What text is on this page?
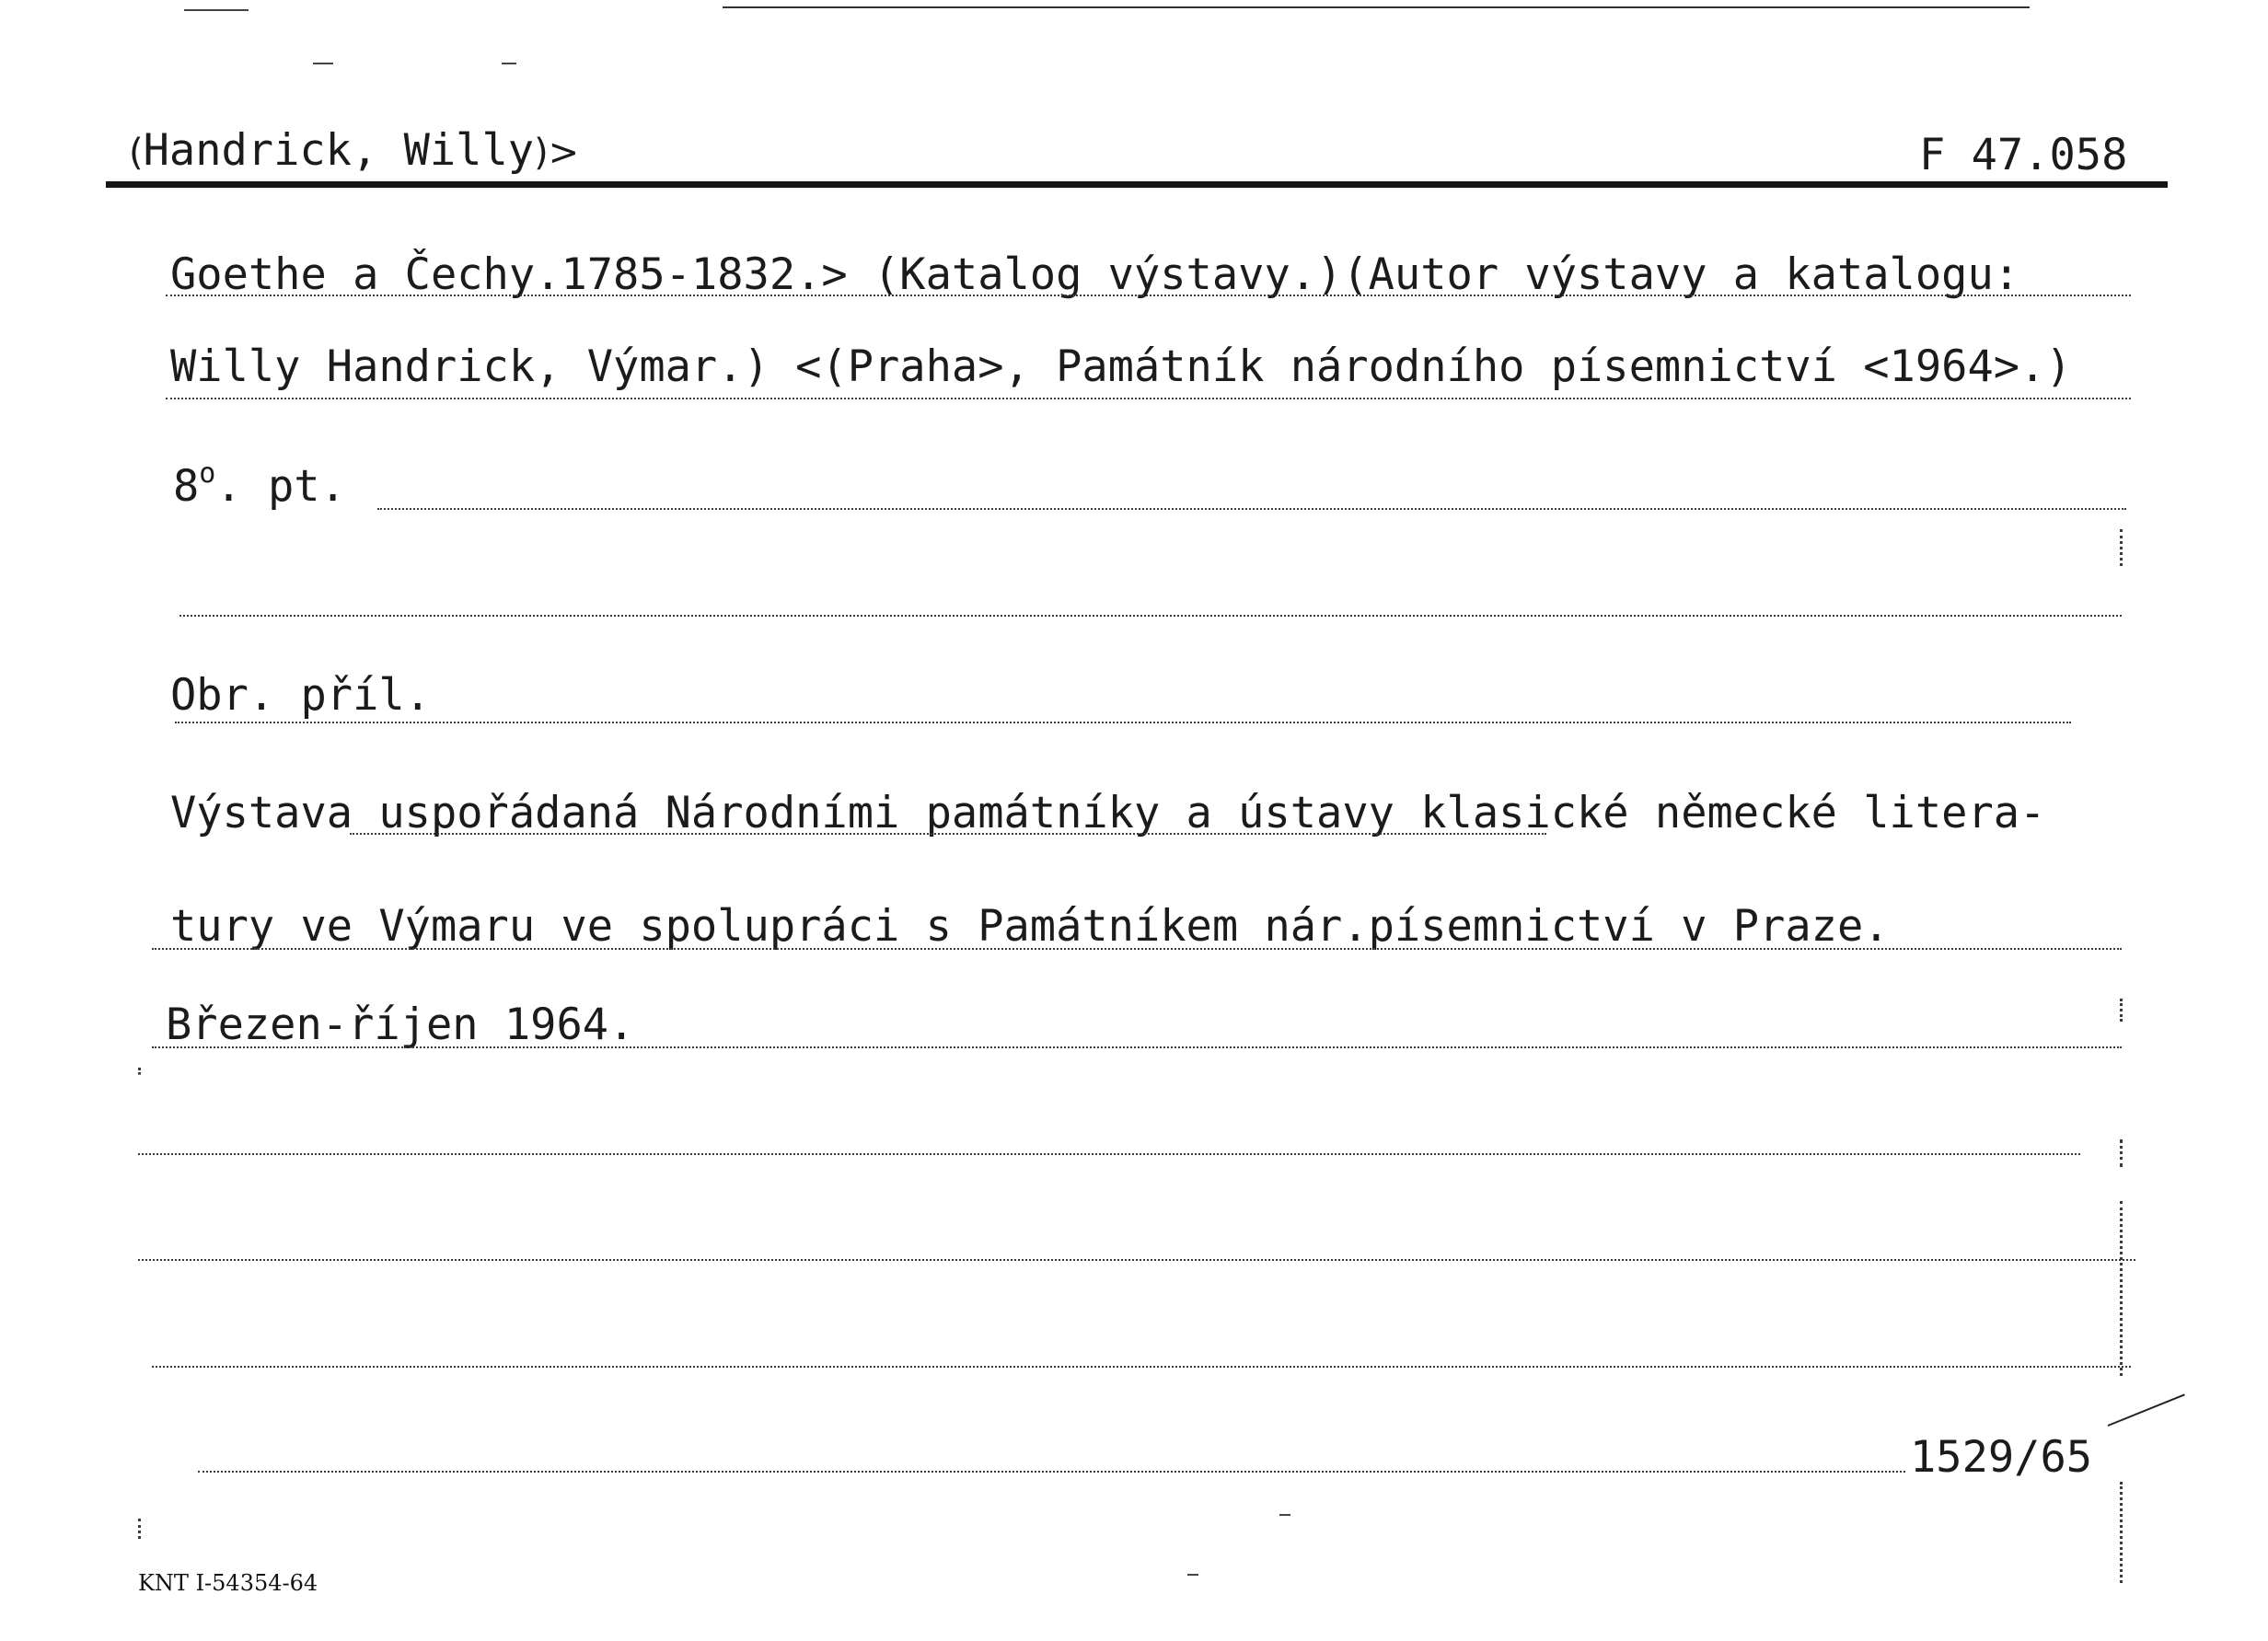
(Handrick, Willy)>	F 47.058
Goethe a Čechy.1785-1832.> (Katalog výstavy.)(Autor výstavy a katalogu:
Willy Handrick, Výmar.) <(Praha>, Památník národního písemnictví <1964>.)
8$^o$. pt.
Obr. příl.
Výstava uspořádaná Národními památníky a ústavy klasické německé litera-
tury ve Výmaru ve spolupráci s Památníkem nár.písemnictví v Praze.
Březen-říjen 1964.
1529/65
KNT I-54354-64
